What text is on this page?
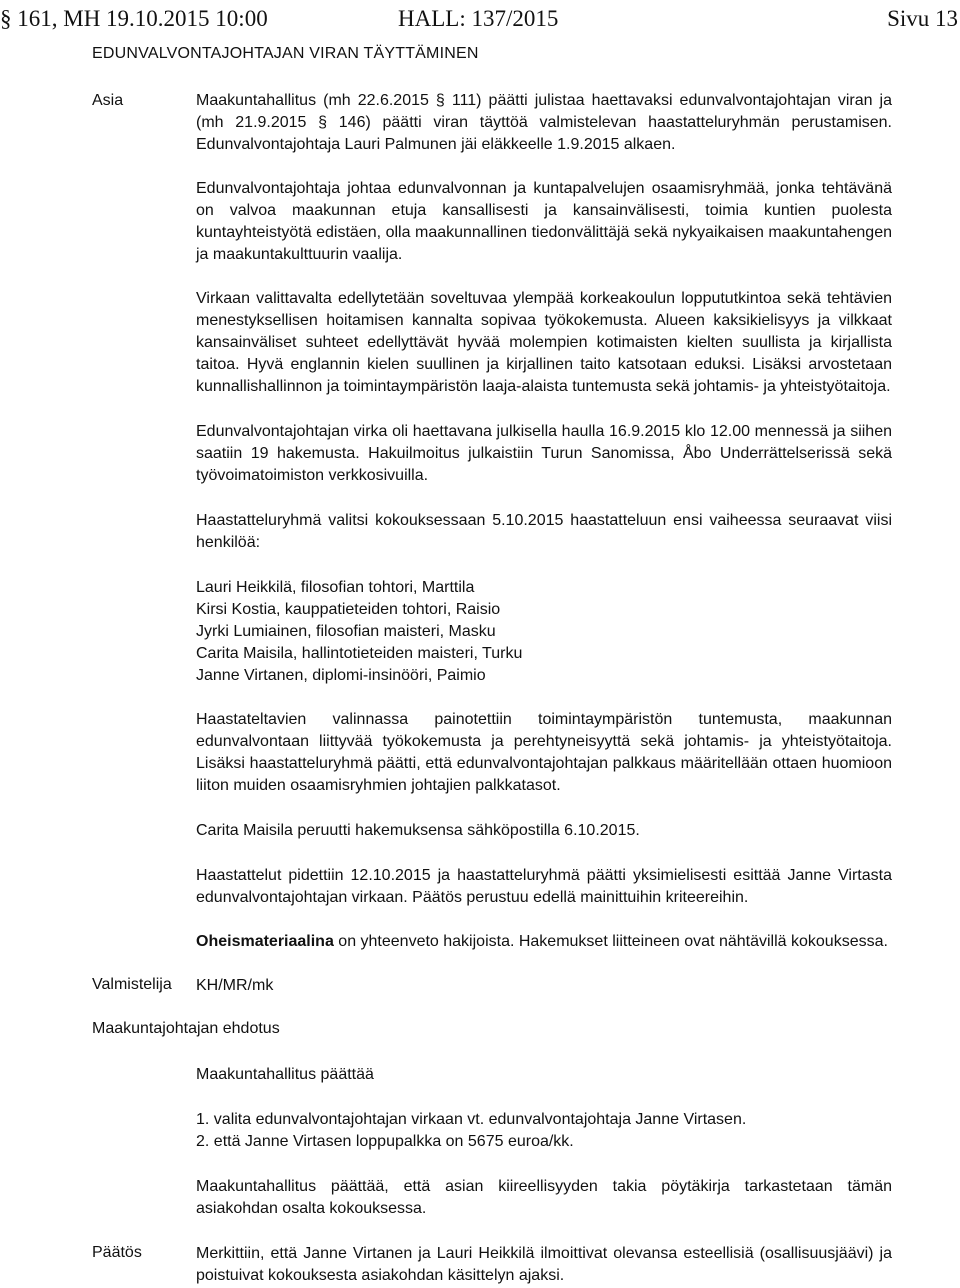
§ 161, MH 19.10.2015 10:00	HALL: 137/2015	Sivu 13
EDUNVALVONTAJOHTAJAN VIRAN TÄYTTÄMINEN
Asia	Maakuntahallitus (mh 22.6.2015 § 111) päätti julistaa haettavaksi edunvalvontajohtajan viran ja (mh 21.9.2015 § 146) päätti viran täyttöä valmistelevan haastatteluryhmän perustamisen. Edunvalvontajohtaja Lauri Palmunen jäi eläkkeelle 1.9.2015 alkaen.

Edunvalvontajohtaja johtaa edunvalvonnan ja kuntapalvelujen osaamisryhmää, jonka tehtävänä on valvoa maakunnan etuja kansallisesti ja kansainvälisesti, toimia kuntien puolesta kuntayhteistyötä edistäen, olla maakunnallinen tiedonvälittäjä sekä nykyaikaisen maakuntahengen ja maakuntakulttuurin vaalija.

Virkaan valittavalta edellytetään soveltuvaa ylempää korkeakoulun loppututkintoa sekä tehtävien menestyksellisen hoitamisen kannalta sopivaa työkokemusta. Alueen kaksikielisyys ja vilkkaat kansainväliset suhteet edellyttävät hyvää molempien kotimaisten kielten suullista ja kirjallista taitoa. Hyvä englannin kielen suullinen ja kirjallinen taito katsotaan eduksi. Lisäksi arvostetaan kunnallishallinnon ja toimintaympäristön laaja-alaista tuntemusta sekä johtamis- ja yhteistyötaitoja.

Edunvalvontajohtajan virka oli haettavana julkisella haulla 16.9.2015 klo 12.00 mennessä ja siihen saatiin 19 hakemusta. Hakuilmoitus julkaistiin Turun Sanomissa, Åbo Underrättelserissä sekä työvoimatoimiston verkkosivuilla.

Haastatteluryhmä valitsi kokouksessaan 5.10.2015 haastatteluun ensi vaiheessa seuraavat viisi henkilöä:

Lauri Heikkilä, filosofian tohtori, Marttila
Kirsi Kostia, kauppatieteiden tohtori, Raisio
Jyrki Lumiainen, filosofian maisteri, Masku
Carita Maisila, hallintotieteiden maisteri, Turku
Janne Virtanen, diplomi-insinööri, Paimio

Haastateltavien valinnassa painotettiin toimintaympäristön tuntemusta, maakunnan edunvalvontaan liittyvää työkokemusta ja perehtyneisyyttä sekä johtamis- ja yhteistyötaitoja. Lisäksi haastatteluryhmä päätti, että edunvalvontajohtajan palkkaus määritellään ottaen huomioon liiton muiden osaamisryhmien johtajien palkkatasot.

Carita Maisila peruutti hakemuksensa sähköpostilla 6.10.2015.

Haastattelut pidettiin 12.10.2015 ja haastatteluryhmä päätti yksimielisesti esittää Janne Virtasta edunvalvontajohtajan virkaan. Päätös perustuu edellä mainittuihin kriteereihin.

Oheismateriaalina on yhteenveto hakijoista. Hakemukset liitteineen ovat nähtävillä kokouksessa.

Valmistelija KH/MR/mk

Maakuntajohtajan ehdotus

Maakuntahallitus päättää

1. valita edunvalvontajohtajan virkaan vt. edunvalvontajohtaja Janne Virtasen.
2. että Janne Virtasen loppupalkka on 5675 euroa/kk.

Maakuntahallitus päättää, että asian kiireellisyyden takia pöytäkirja tarkastetaan tämän asiakohdan osalta kokouksessa.

Päätös	Merkittiin, että Janne Virtanen ja Lauri Heikkilä ilmoittivat olevansa esteellisiä (osallisuusjäävi) ja poistuivat kokouksesta asiakohdan käsittelyn ajaksi.
